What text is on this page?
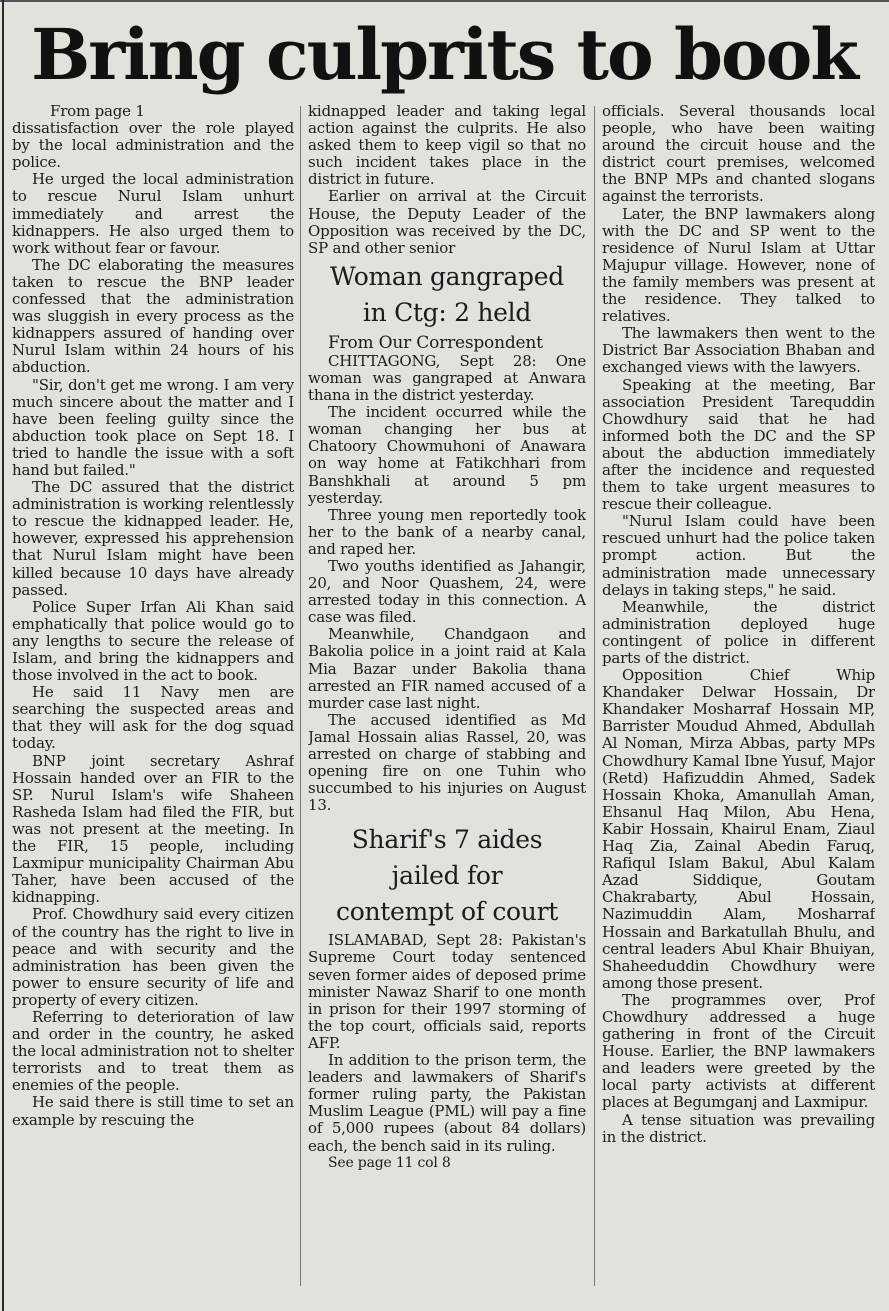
Bring culprits to book

From page 1

dissatisfaction over the role played by the local administration and the police.

He urged the local administration to rescue Nurul Islam unhurt immediately and arrest the kidnappers. He also urged them to work without fear or favour.

The DC elaborating the measures taken to rescue the BNP leader confessed that the administration was sluggish in every process as the kidnappers assured of handing over Nurul Islam within 24 hours of his abduction.

"Sir, don't get me wrong. I am very much sincere about the matter and I have been feeling guilty since the abduction took place on Sept 18. I tried to handle the issue with a soft hand but failed."

The DC assured that the district administration is working relentlessly to rescue the kidnapped leader. He, however, expressed his apprehension that Nurul Islam might have been killed because 10 days have already passed.

Police Super Irfan Ali Khan said emphatically that police would go to any lengths to secure the release of Islam, and bring the kidnappers and those involved in the act to book.

He said 11 Navy men are searching the suspected areas and that they will ask for the dog squad today.

BNP joint secretary Ashraf Hossain handed over an FIR to the SP. Nurul Islam's wife Shaheen Rasheda Islam had filed the FIR, but was not present at the meeting. In the FIR, 15 people, including Laxmipur municipality Chairman Abu Taher, have been accused of the kidnapping.

Prof. Chowdhury said every citizen of the country has the right to live in peace and with security and the administration has been given the power to ensure security of life and property of every citizen.

Referring to deterioration of law and order in the country, he asked the local administration not to shelter terrorists and to treat them as enemies of the people.

He said there is still time to set an example by rescuing the

kidnapped leader and taking legal action against the culprits. He also asked them to keep vigil so that no such incident takes place in the district in future.

Earlier on arrival at the Circuit House, the Deputy Leader of the Opposition was received by the DC, SP and other senior

Woman gangraped
in Ctg: 2 held

From Our Correspondent

CHITTAGONG, Sept 28: One woman was gangraped at Anwara thana in the district yesterday.

The incident occurred while the woman changing her bus at Chatoory Chowmuhoni of Anawara on way home at Fatikchhari from Banshkhali at around 5 pm yesterday.

Three young men reportedly took her to the bank of a nearby canal, and raped her.

Two youths identified as Jahangir, 20, and Noor Quashem, 24, were arrested today in this connection. A case was filed.

Meanwhile, Chandgaon and Bakolia police in a joint raid at Kala Mia Bazar under Bakolia thana arrested an FIR named accused of a murder case last night.

The accused identified as Md Jamal Hossain alias Rassel, 20, was arrested on charge of stabbing and opening fire on one Tuhin who succumbed to his injuries on August 13.

Sharif's 7 aides
jailed for
contempt of court

ISLAMABAD, Sept 28: Pakistan's Supreme Court today sentenced seven former aides of deposed prime minister Nawaz Sharif to one month in prison for their 1997 storming of the top court, officials said, reports AFP.

In addition to the prison term, the leaders and lawmakers of Sharif's former ruling party, the Pakistan Muslim League (PML) will pay a fine of 5,000 rupees (about 84 dollars) each, the bench said in its ruling.

See page 11 col 8

officials. Several thousands local people, who have been waiting around the circuit house and the district court premises, welcomed the BNP MPs and chanted slogans against the terrorists.

Later, the BNP lawmakers along with the DC and SP went to the residence of Nurul Islam at Uttar Majupur village. However, none of the family members was present at the residence. They talked to relatives.

The lawmakers then went to the District Bar Association Bhaban and exchanged views with the lawyers.

Speaking at the meeting, Bar association President Tarequddin Chowdhury said that he had informed both the DC and the SP about the abduction immediately after the incidence and requested them to take urgent measures to rescue their colleague.

"Nurul Islam could have been rescued unhurt had the police taken prompt action. But the administration made unnecessary delays in taking steps," he said.

Meanwhile, the district administration deployed huge contingent of police in different parts of the district.

Opposition Chief Whip Khandaker Delwar Hossain, Dr Khandaker Mosharraf Hossain MP, Barrister Moudud Ahmed, Abdullah Al Noman, Mirza Abbas, party MPs Chowdhury Kamal Ibne Yusuf, Major (Retd) Hafizuddin Ahmed, Sadek Hossain Khoka, Amanullah Aman, Ehsanul Haq Milon, Abu Hena, Kabir Hossain, Khairul Enam, Ziaul Haq Zia, Zainal Abedin Faruq, Rafiqul Islam Bakul, Abul Kalam Azad Siddique, Goutam Chakrabarty, Abul Hossain, Nazimuddin Alam, Mosharraf Hossain and Barkatullah Bhulu, and central leaders Abul Khair Bhuiyan, Shaheeduddin Chowdhury were among those present.

The programmes over, Prof Chowdhury addressed a huge gathering in front of the Circuit House. Earlier, the BNP lawmakers and leaders were greeted by the local party activists at different places at Begumganj and Laxmipur.

A tense situation was prevailing in the district.
